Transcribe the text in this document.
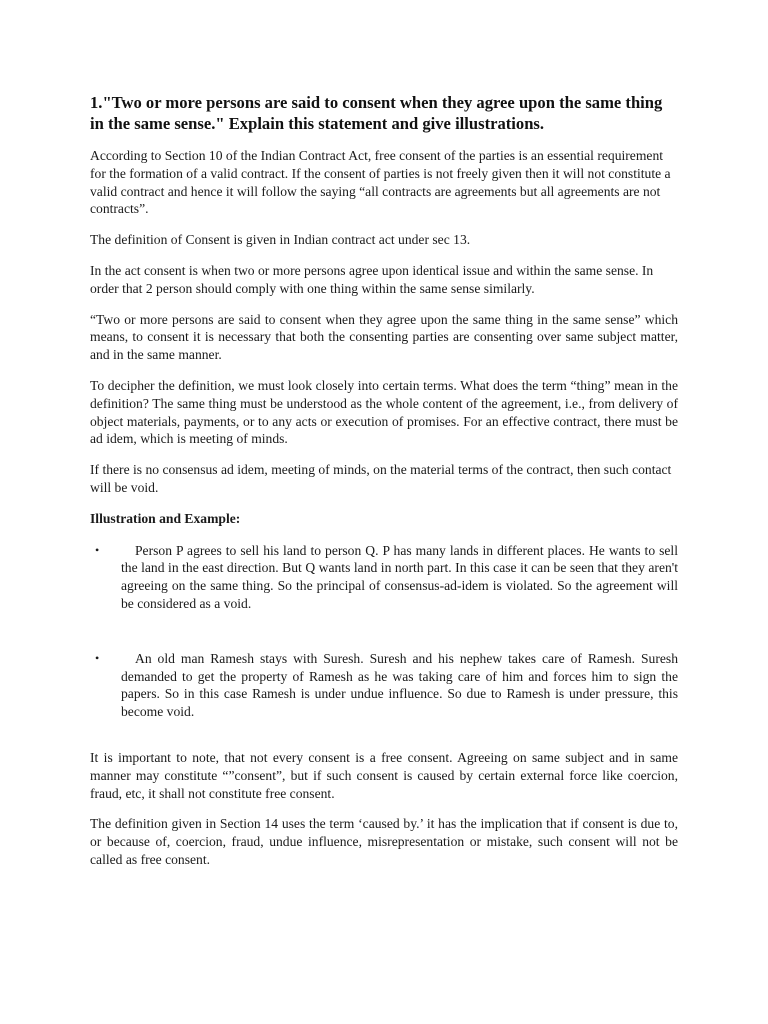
1."Two or more persons are said to consent when they agree upon the same thing in the same sense." Explain this statement and give illustrations.

According to Section 10 of the Indian Contract Act, free consent of the parties is an essential requirement for the formation of a valid contract. If the consent of parties is not freely given then it will not constitute a valid contract and hence it will follow the saying “all contracts are agreements but all agreements are not contracts”.

The definition of Consent is given in Indian contract act under sec 13.

In the act consent is when two or more persons agree upon identical issue and within the same sense. In order that 2 person should comply with one thing within the same sense similarly.

“Two or more persons are said to consent when they agree upon the same thing in the same sense” which means, to consent it is necessary that both the consenting parties are consenting over same subject matter, and in the same manner.

To decipher the definition, we must look closely into certain terms. What does the term “thing” mean in the definition? The same thing must be understood as the whole content of the agreement, i.e., from delivery of object materials, payments, or to any acts or execution of promises. For an effective contract, there must be ad idem, which is meeting of minds.

If there is no consensus ad idem, meeting of minds, on the material terms of the contract, then such contact will be void.

Illustration and Example:
•	Person P agrees to sell his land to person Q. P has many lands in different places. He wants to sell the land in the east direction. But Q wants land in north part. In this case it can be seen that they aren't agreeing on the same thing. So the principal of consensus-ad-idem is violated. So the agreement will be considered as a void.
•	An old man Ramesh stays with Suresh. Suresh and his nephew takes care of Ramesh. Suresh demanded to get the property of Ramesh as he was taking care of him and forces him to sign the papers. So in this case Ramesh is under undue influence. So due to Ramesh is under pressure, this become void.

It is important to note, that not every consent is a free consent. Agreeing on same subject and in same manner may constitute “”consent”, but if such consent is caused by certain external force like coercion, fraud, etc, it shall not constitute free consent.

The definition given in Section 14 uses the term ‘caused by.’ it has the implication that if consent is due to, or because of, coercion, fraud, undue influence, misrepresentation or mistake, such consent will not be called as free consent.
